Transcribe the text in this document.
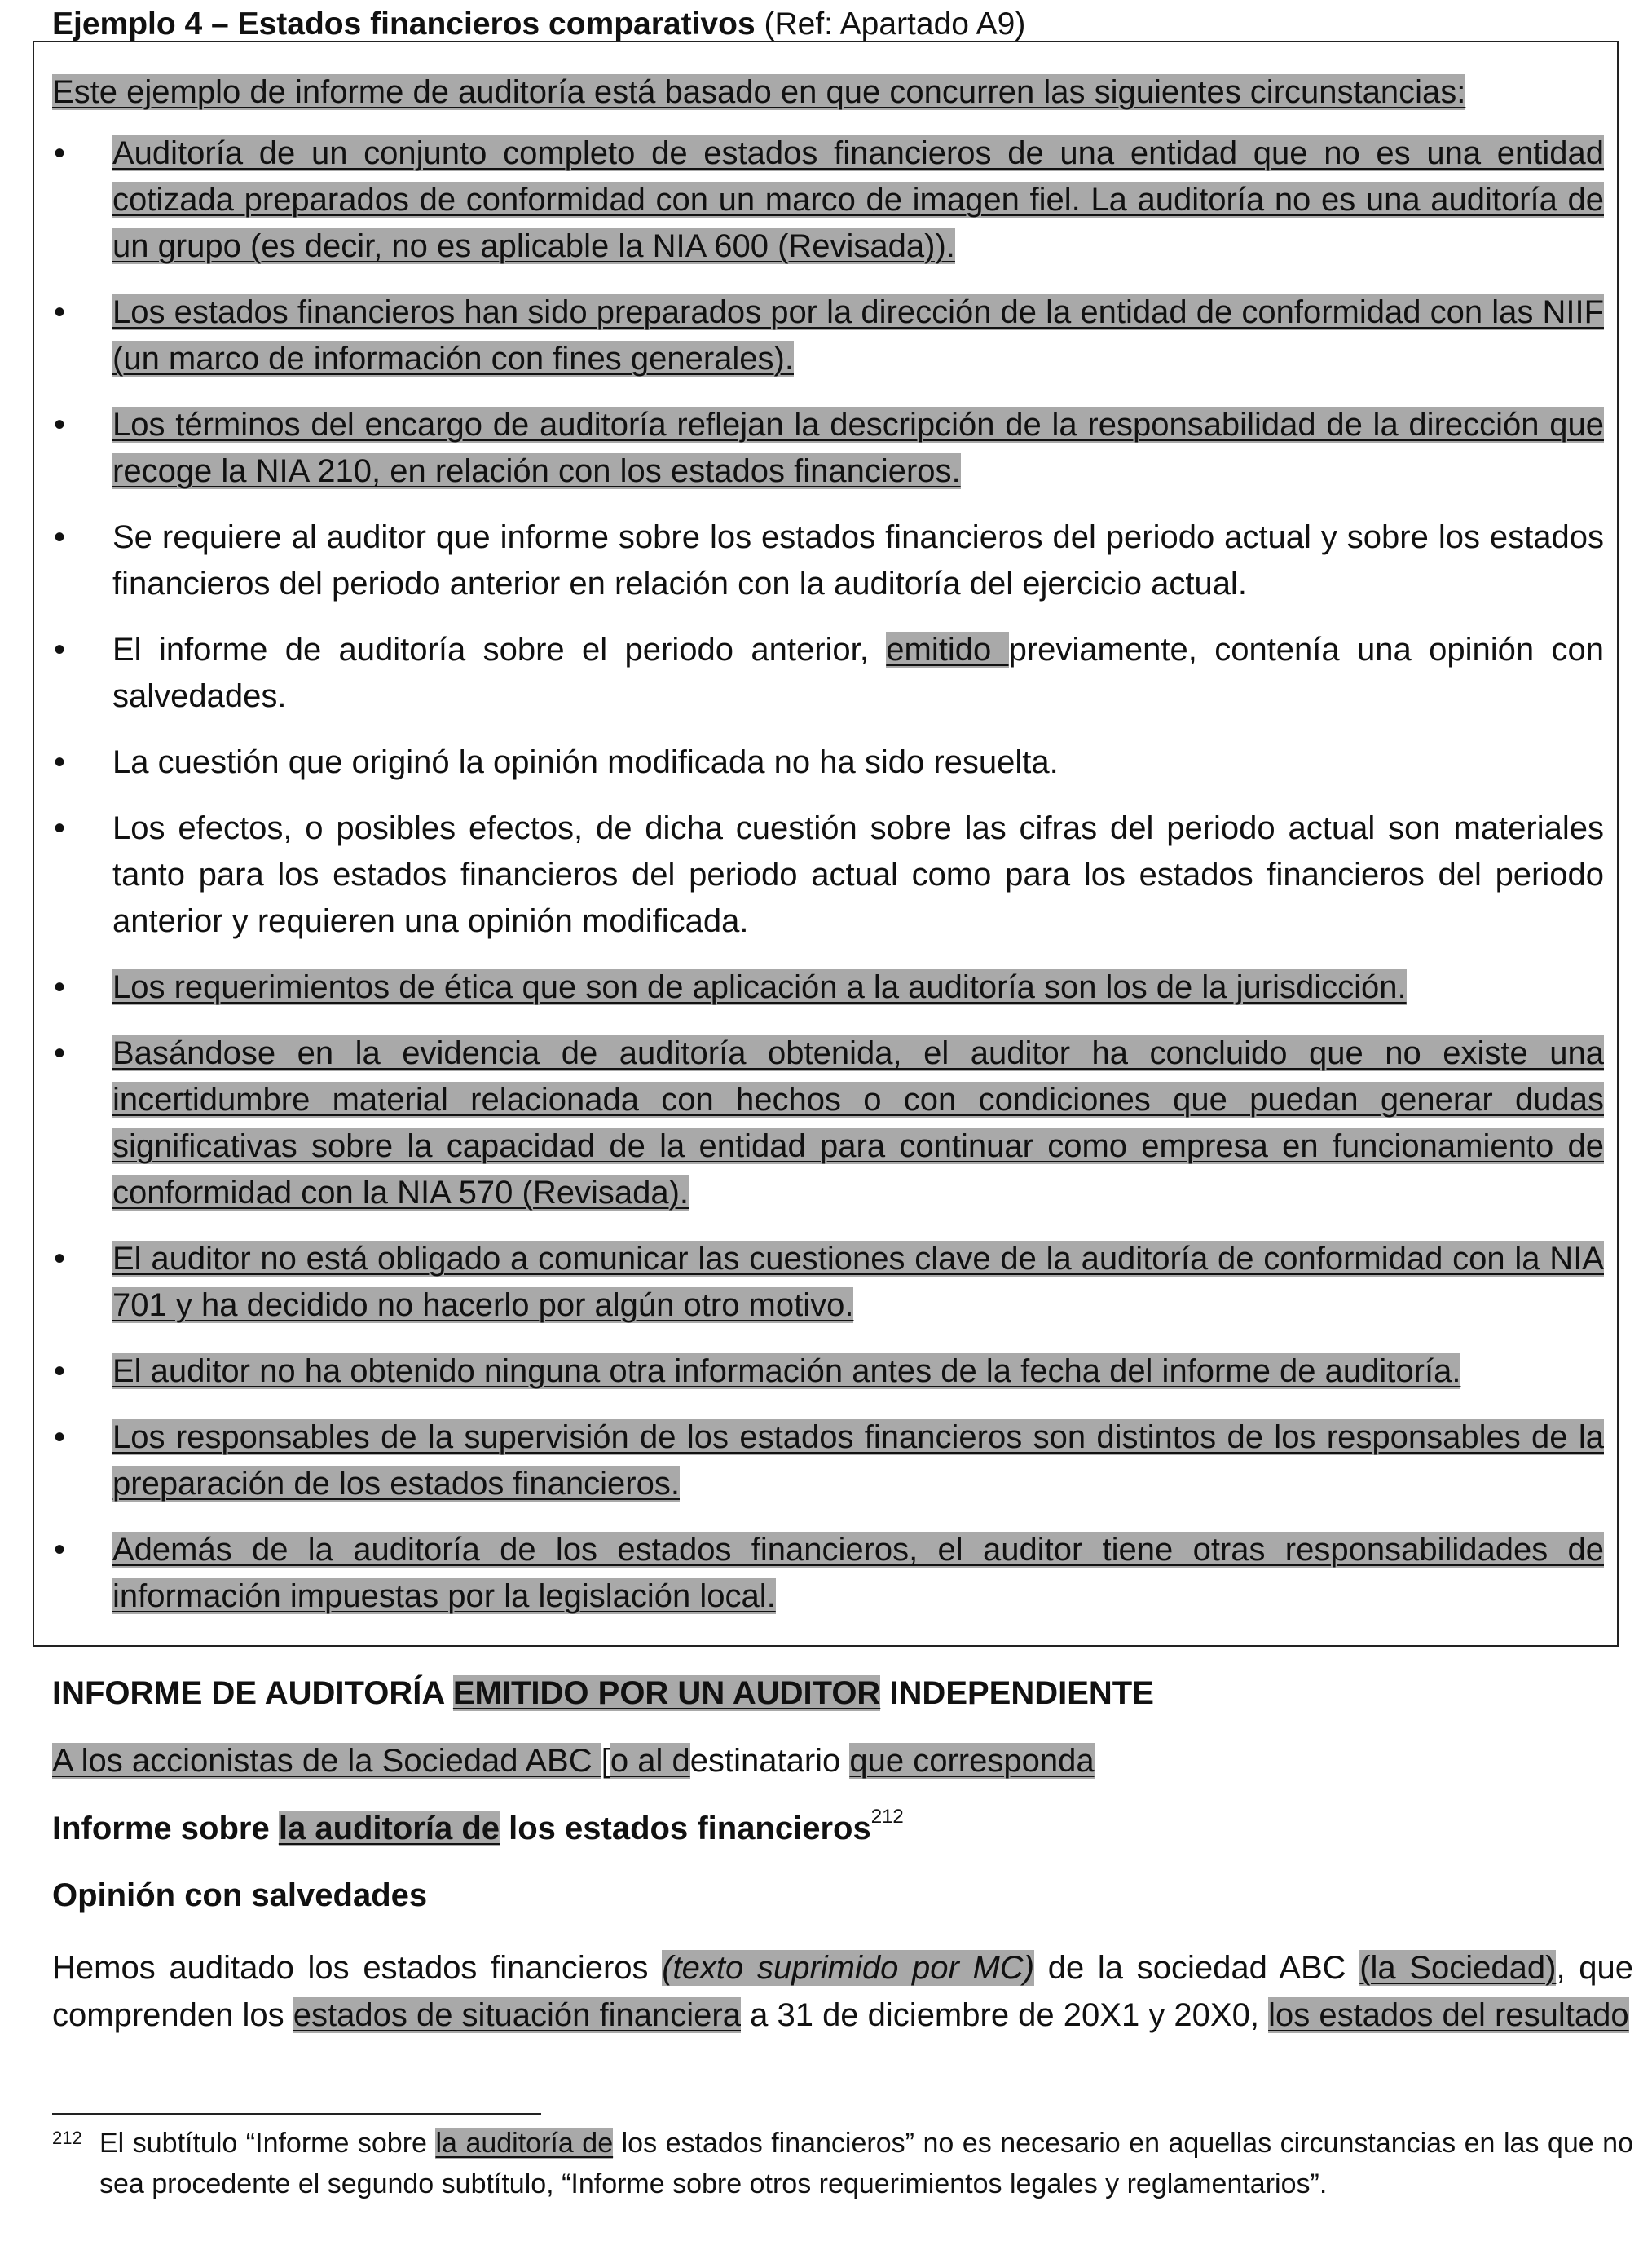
Ejemplo 4 – Estados financieros comparativos (Ref: Apartado A9)
Este ejemplo de informe de auditoría está basado en que concurren las siguientes circunstancias:
•	Auditoría de un conjunto completo de estados financieros de una entidad que no es una entidad cotizada preparados de conformidad con un marco de imagen fiel. La auditoría no es una auditoría de un grupo (es decir, no es aplicable la NIA 600 (Revisada)).
•	Los estados financieros han sido preparados por la dirección de la entidad de conformidad con las NIIF (un marco de información con fines generales).
•	Los términos del encargo de auditoría reflejan la descripción de la responsabilidad de la dirección que recoge la NIA 210, en relación con los estados financieros.
•	Se requiere al auditor que informe sobre los estados financieros del periodo actual y sobre los estados financieros del periodo anterior en relación con la auditoría del ejercicio actual.
•	El informe de auditoría sobre el periodo anterior, emitido previamente, contenía una opinión con salvedades.
•	La cuestión que originó la opinión modificada no ha sido resuelta.
•	Los efectos, o posibles efectos, de dicha cuestión sobre las cifras del periodo actual son materiales tanto para los estados financieros del periodo actual como para los estados financieros del periodo anterior y requieren una opinión modificada.
•	Los requerimientos de ética que son de aplicación a la auditoría son los de la jurisdicción.
•	Basándose en la evidencia de auditoría obtenida, el auditor ha concluido que no existe una incertidumbre material relacionada con hechos o con condiciones que puedan generar dudas significativas sobre la capacidad de la entidad para continuar como empresa en funcionamiento de conformidad con la NIA 570 (Revisada).
•	El auditor no está obligado a comunicar las cuestiones clave de la auditoría de conformidad con la NIA 701 y ha decidido no hacerlo por algún otro motivo.
•	El auditor no ha obtenido ninguna otra información antes de la fecha del informe de auditoría.
•	Los responsables de la supervisión de los estados financieros son distintos de los responsables de la preparación de los estados financieros.
•	Además de la auditoría de los estados financieros, el auditor tiene otras responsabilidades de información impuestas por la legislación local.
INFORME DE AUDITORÍA EMITIDO POR UN AUDITOR INDEPENDIENTE
A los accionistas de la Sociedad ABC [o al destinatario que corresponda
Informe sobre la auditoría de los estados financieros$^{212}$
Opinión con salvedades
Hemos auditado los estados financieros (texto suprimido por MC) de la sociedad ABC (la Sociedad), que comprenden los estados de situación financiera a 31 de diciembre de 20X1 y 20X0, los estados del resultado
212 El subtítulo “Informe sobre la auditoría de los estados financieros” no es necesario en aquellas circunstancias en las que no sea procedente el segundo subtítulo, “Informe sobre otros requerimientos legales y reglamentarios”.
